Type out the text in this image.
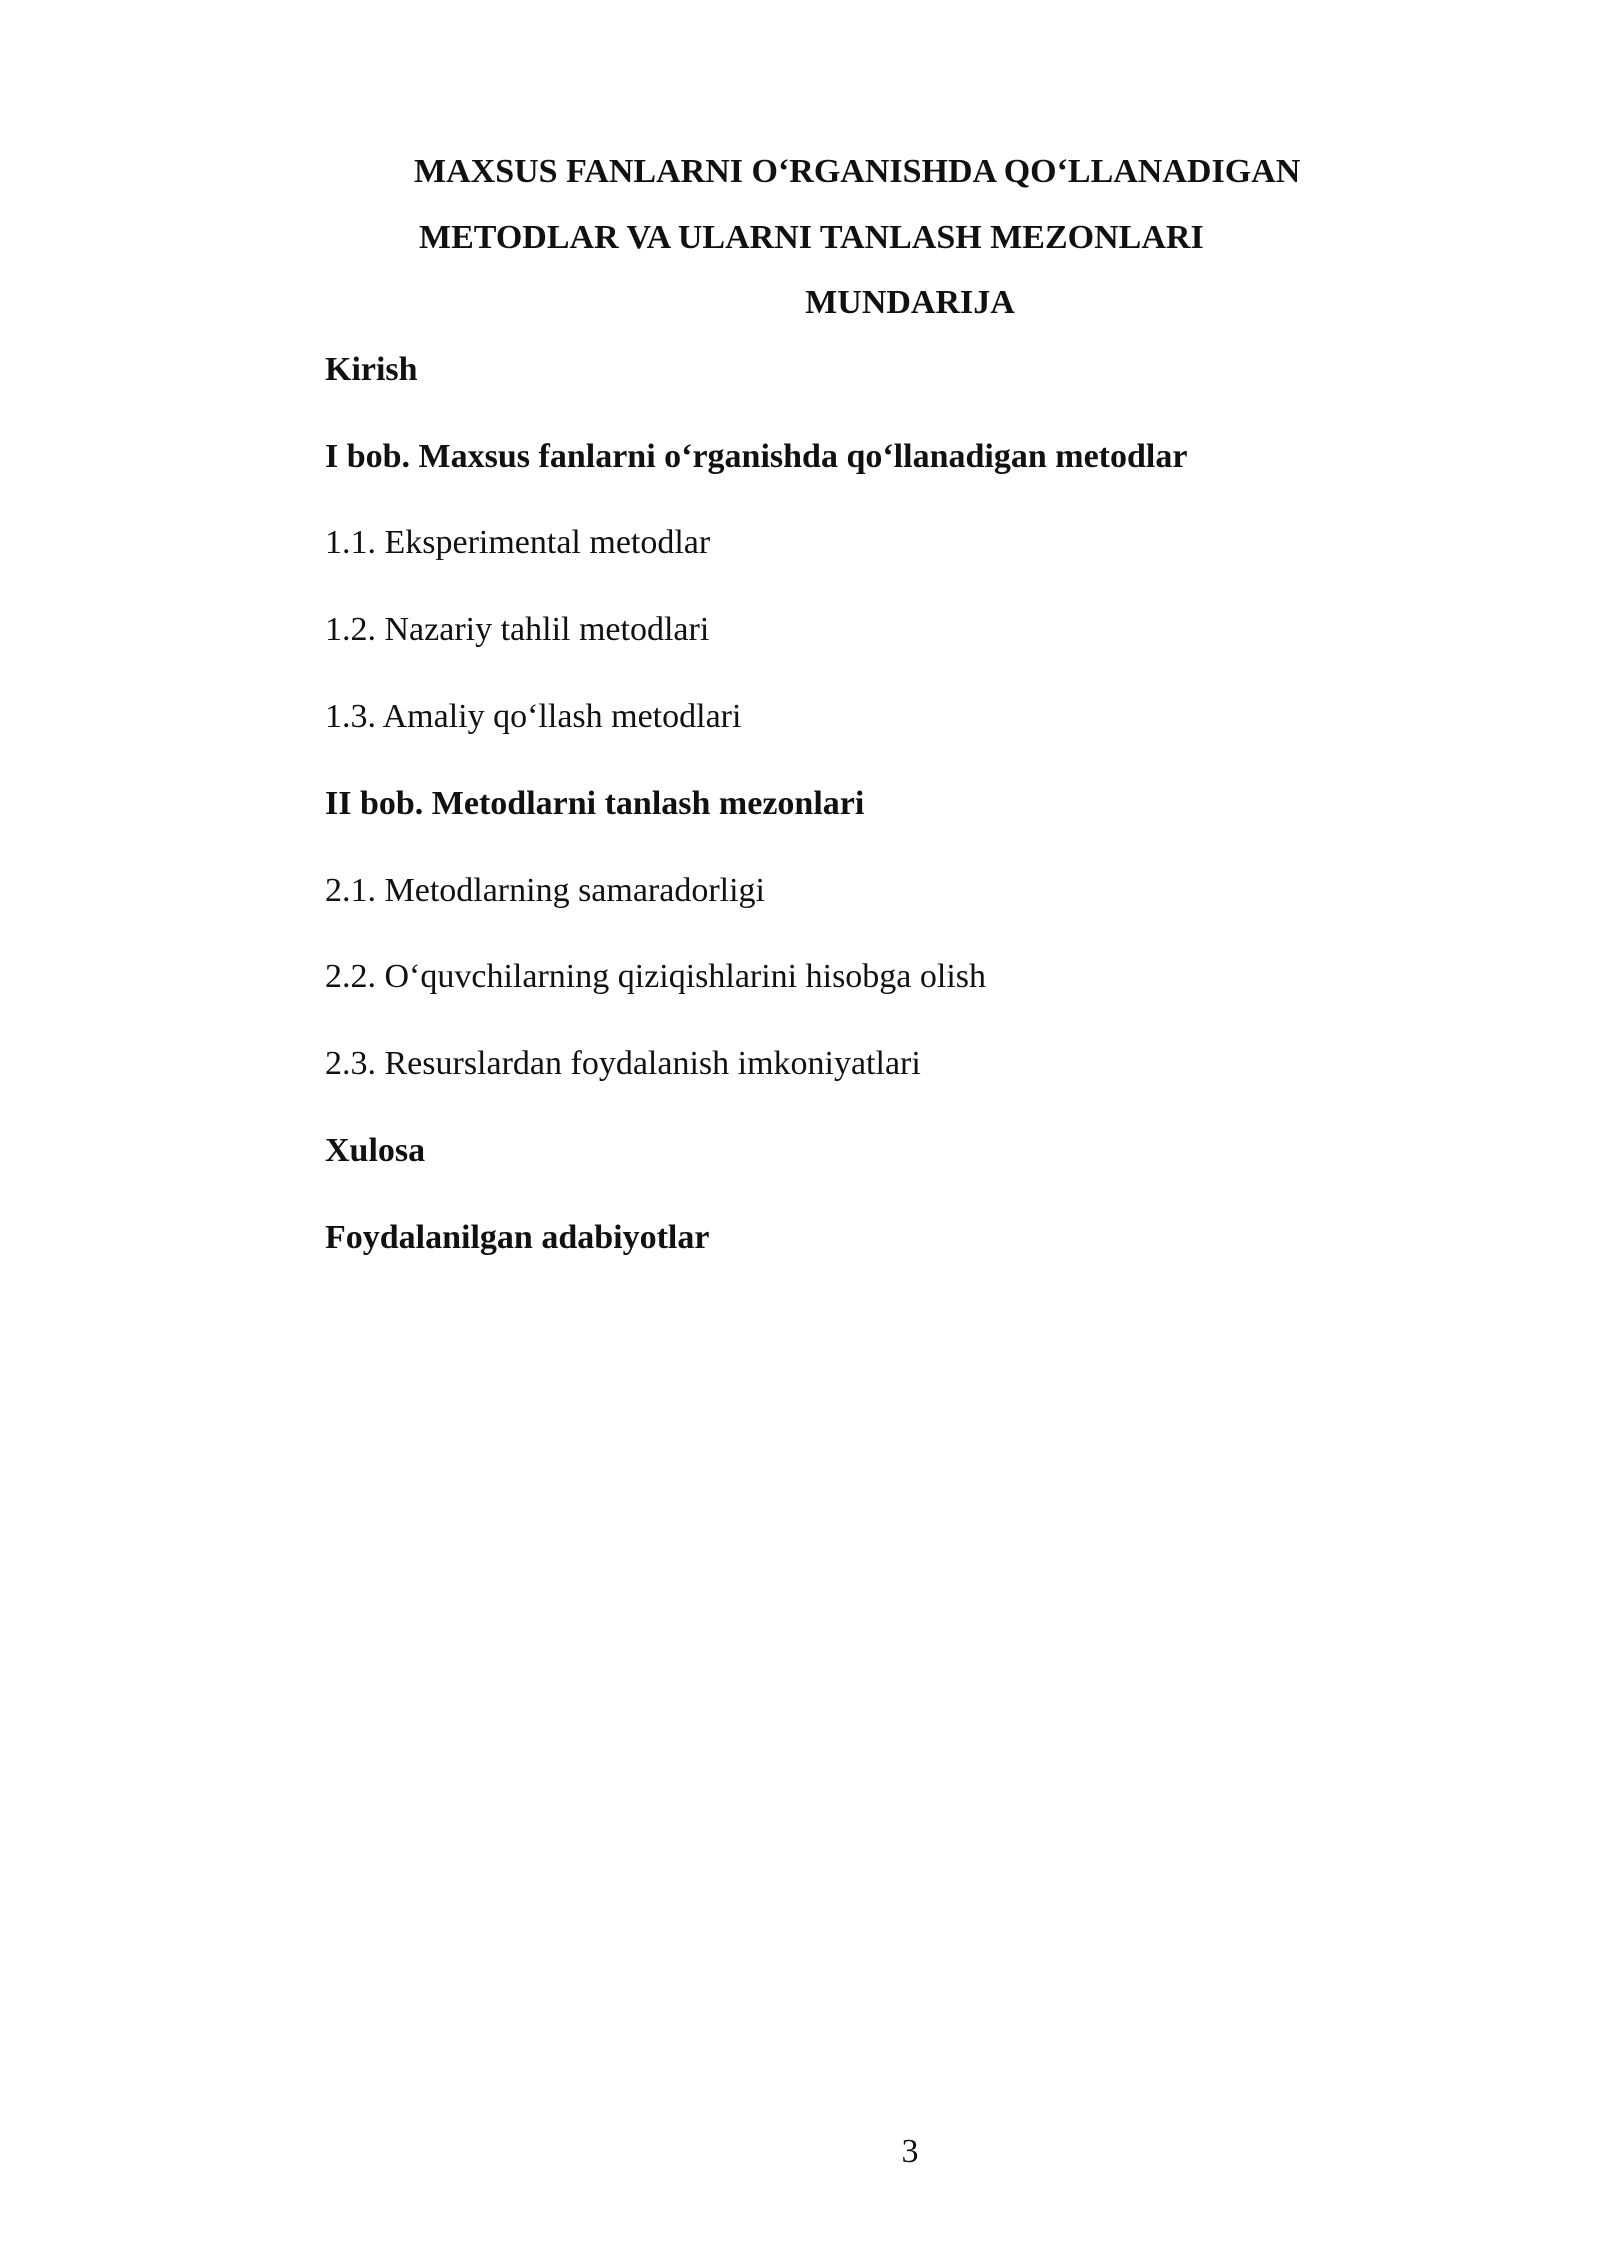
MAXSUS FANLARNI O‘RGANISHDA QO‘LLANADIGAN
METODLAR VA ULARNI TANLASH MEZONLARI
MUNDARIJA
Kirish
I bob. Maxsus fanlarni o‘rganishda qo‘llanadigan metodlar
1.1. Eksperimental metodlar
1.2. Nazariy tahlil metodlari
1.3. Amaliy qo‘llash metodlari
II bob. Metodlarni tanlash mezonlari
2.1. Metodlarning samaradorligi
2.2. O‘quvchilarning qiziqishlarini hisobga olish
2.3. Resurslardan foydalanish imkoniyatlari
Xulosa
Foydalanilgan adabiyotlar
3
